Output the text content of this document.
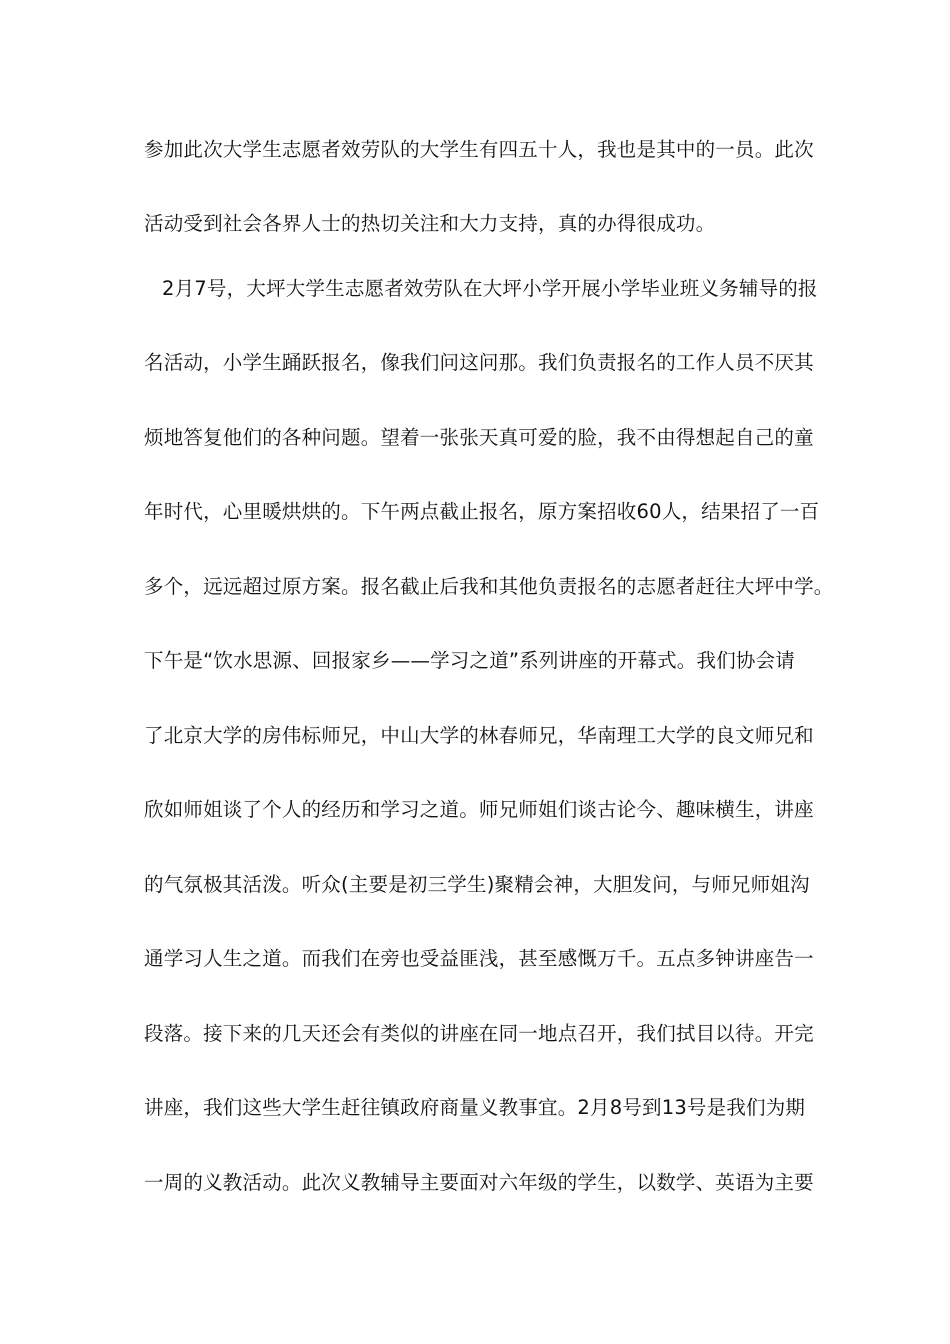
参加此次大学生志愿者效劳队的大学生有四五十人，我也是其中的一员。此次
活动受到社会各界人士的热切关注和大力支持，真的办得很成功。
2月7号，大坪大学生志愿者效劳队在大坪小学开展小学毕业班义务辅导的报
名活动，小学生踊跃报名，像我们问这问那。我们负责报名的工作人员不厌其
烦地答复他们的各种问题。望着一张张天真可爱的脸，我不由得想起自己的童
年时代，心里暖烘烘的。下午两点截止报名，原方案招收60人，结果招了一百
多个，远远超过原方案。报名截止后我和其他负责报名的志愿者赶往大坪中学。
下午是“饮水思源、回报家乡——学习之道”系列讲座的开幕式。我们协会请
了北京大学的房伟标师兄，中山大学的林春师兄，华南理工大学的良文师兄和
欣如师姐谈了个人的经历和学习之道。师兄师姐们谈古论今、趣味横生，讲座
的气氛极其活泼。听众(主要是初三学生)聚精会神，大胆发问，与师兄师姐沟
通学习人生之道。而我们在旁也受益匪浅，甚至感慨万千。五点多钟讲座告一
段落。接下来的几天还会有类似的讲座在同一地点召开，我们拭目以待。开完
讲座，我们这些大学生赶往镇政府商量义教事宜。2月8号到13号是我们为期
一周的义教活动。此次义教辅导主要面对六年级的学生，以数学、英语为主要
